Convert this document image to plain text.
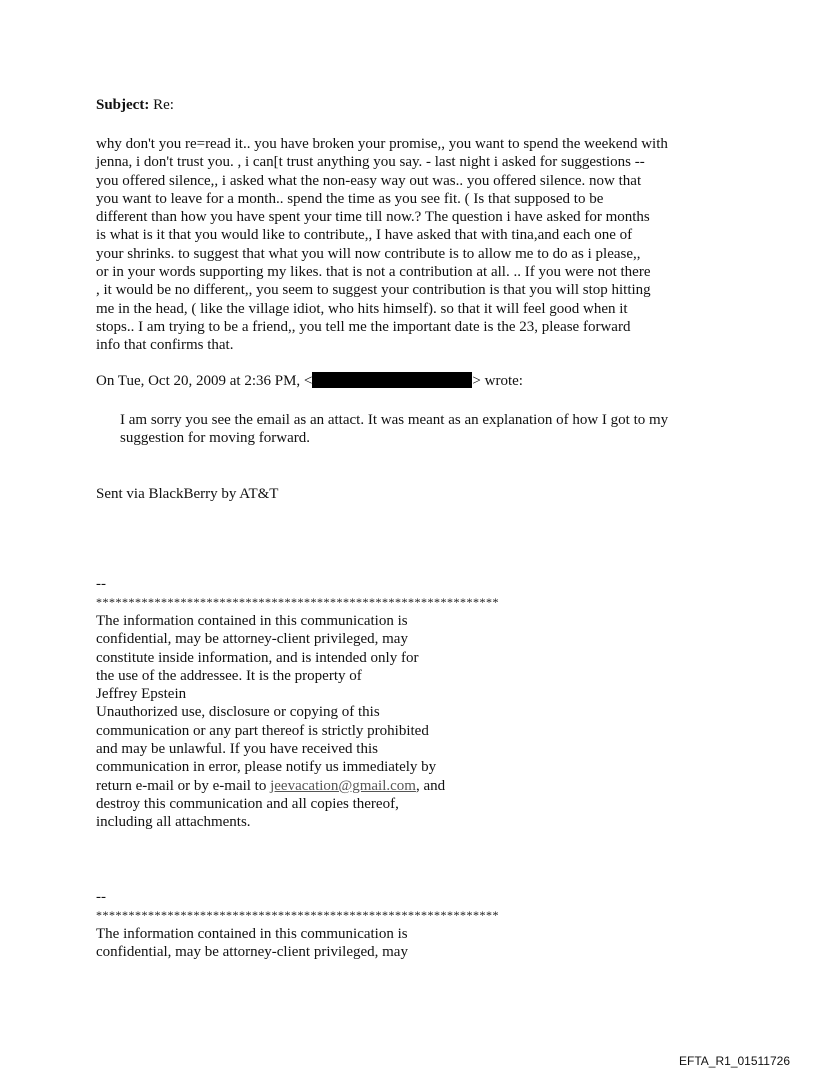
Subject: Re:
why don't you re=read it.. you have broken your promise,, you want to spend the weekend with
jenna, i don't trust you. , i can[t trust anything you say. - last night i asked for suggestions --
you offered silence,, i asked what the non-easy way out was.. you offered silence. now that
you want to leave for a month.. spend the time as you see fit. ( Is that supposed to be
different than how you have spent your time till now.? The question i have asked for months
is what is it that you would like to contribute,, I have asked that with tina,and each one of
your shrinks. to suggest that what you will now contribute is to allow me to do as i please,,
or in your words supporting my likes. that is not a contribution at all. .. If you were not there
, it would be no different,, you seem to suggest your contribution is that you will stop hitting
me in the head, ( like the village idiot, who hits himself). so that it will feel good when it
stops.. I am trying to be a friend,, you tell me the important date is the 23, please forward
info that confirms that.
On Tue, Oct 20, 2009 at 2:36 PM, <	> wrote:
I am sorry you see the email as an attact. It was meant as an explanation of how I got to my
suggestion for moving forward.
Sent via BlackBerry by AT&T
--
**************************************************************
The information contained in this communication is
confidential, may be attorney-client privileged, may
constitute inside information, and is intended only for
the use of the addressee. It is the property of
Jeffrey Epstein
Unauthorized use, disclosure or copying of this
communication or any part thereof is strictly prohibited
and may be unlawful. If you have received this
communication in error, please notify us immediately by
return e-mail or by e-mail to jeevacation@gmail.com, and
destroy this communication and all copies thereof,
including all attachments.
--
**************************************************************
The information contained in this communication is
confidential, may be attorney-client privileged, may
EFTA_R1_01511726
